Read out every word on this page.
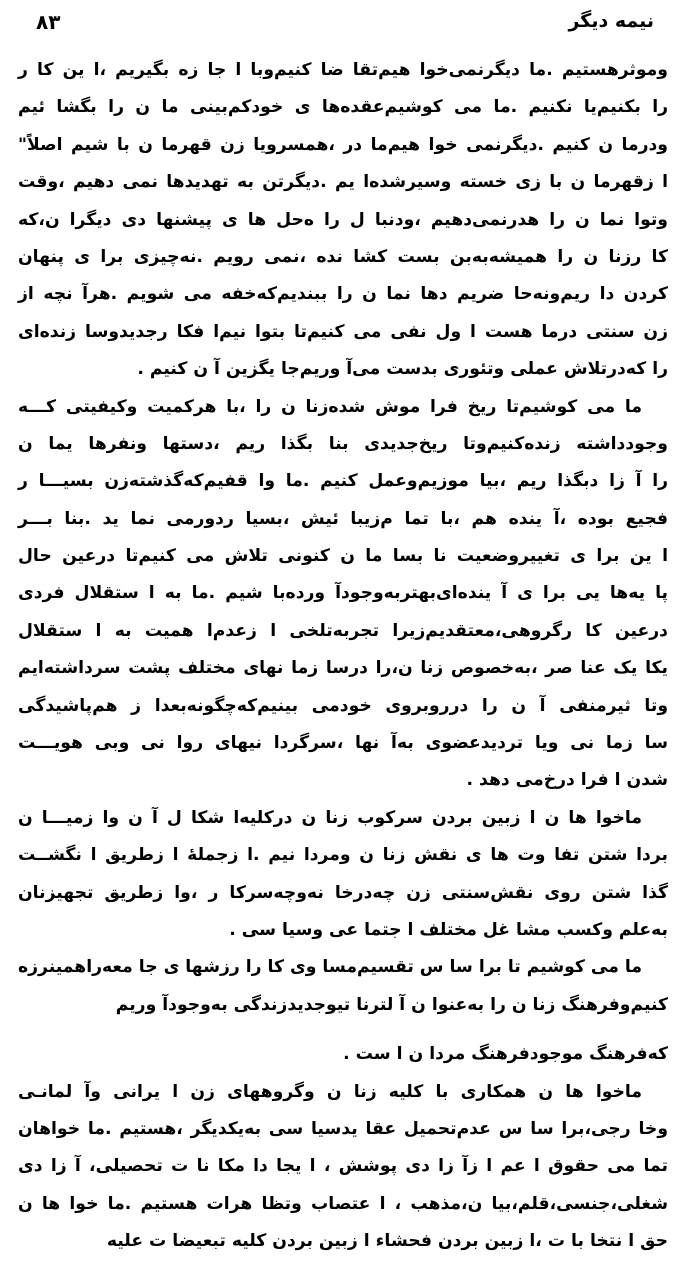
۸۳	نیمه دیگر
وموثرهستیم .ما دیگرنمی‌خوا هیم‌تقا ضا کنیم‌وبا ا جا زه‌ بگیریم ،ا ین کا ر
را بکنیم‌یا نکنیم .ما می کوشیم‌عقده‌ها ی خودکم‌بینی ما ن را بگشا ئیم
ودرما ن کنیم .دیگرنمی خوا هیم‌ما در ،همسرویا زن قهرما ن با شیم اصلاً"
ا زقهرما ن با زی خسته وسیرشده‌ا یم .دیگرتن به تهدیدها نمی دهیم ،وقت
وتوا نما ن را هدرنمی‌دهیم ،ودنبا ل را ه‌حل ها ی پیشنها دی دیگرا ن،که
کا رزنا ن را همیشه‌به‌بن بست کشا نده ،نمی رویم .نه‌چیزی برا ی پنهان
کردن دا ریم‌ونه‌حا ضریم دها نما ن را ببندیم‌که‌خفه می شویم .هرآ نچه از
زن سنتی درما هست ا ول نفی می کنیم‌تا بتوا نیم‌ا فکا رجدیدوسا زنده‌ای
را که‌درتلاش عملی وتئوری بدست می‌آ وریم‌جا یگزین آ ن کنیم .
ما می کوشیم‌تا ریخ فرا موش شده‌زنا ن را ،با هرکمیت وکیفیتی کـــه
وجودداشته زنده‌کنیم‌وتا ریخ‌جدیدی بنا بگذا ریم ،دستها ونفرها یما ن
را آ زا دبگذا ریم ،بیا موزیم‌وعمل کنیم .ما وا قفیم‌که‌گذشته‌زن بسیـــا ر
فجیع بوده ،آ ینده هم ،با تما م‌زیبا ئیش ،بسیا ردورمی نما ید .بنا بـــر
ا ین برا ی تغییروضعیت نا بسا ما ن کنونی تلاش می کنیم‌تا درعین حال
پا یه‌ها یی برا ی آ ینده‌ای‌بهتربه‌وجودآ ورده‌با شیم .ما به ا ستقلال فردی
درعین کا رگروهی،معتقدیم‌زیرا تجربه‌تلخی ا زعدم‌ا همیت به ا ستقلال
یکا یک عنا صر ،به‌خصوص زنا ن،را درسا زما نهای مختلف پشت سرداشته‌ایم
وتا ثیرمنفی آ ن را درروبروی خودمی بینیم‌که‌چگونه‌بعدا ز هم‌پاشیدگی
سا زما نی ویا تردیدعضوی به‌آ نها ،سرگردا نیهای روا نی وبی هویـــت
شدن ا فرا درخ‌می دهد .
ماخوا ها ن ا زبین بردن سرکوب زنا ن درکلیه‌ا شکا ل آ ن وا زمیـــا ن
بردا شتن تفا وت ها ی نقش زنا ن ومردا نیم .ا زجملهٔ ا زطریق ا نگشــت
گذا شتن روی نقش‌سنتی زن چه‌درخا نه‌وچه‌سرکا ر ،وا زطریق تجهیزنان
به‌علم وکسب مشا غل مختلف ا جتما عی وسیا سی .
ما می کوشیم تا برا سا س تقسیم‌مسا وی کا را رزشها ی جا معه‌راهمینرزه
کنیم‌وفرهنگ زنا ن را به‌عنوا ن آ لترنا تیوجدیدزندگی به‌وجودآ وریم
که‌فرهنگ موجودفرهنگ مردا ن ا ست .
ماخوا ها ن همکاری با کلیه زنا ن وگروههای زن ا یرانی وآ لمانـی
وخا رجی،برا سا س عدم‌تحمیل عقا یدسیا سی به‌یکدیگر ،هستیم .ما خواهان
تما می حقوق ا عم ا زآ زا دی پوشش ، ا یجا دا مکا نا ت تحصیلی، آ زا دی
شغلی،جنسی،قلم،بیا ن،مذهب ، ا عتصاب وتظا هرات هستیم .ما خوا ها ن
حق ا نتخا با ت ،ا زبین بردن فحشاء ا زبین بردن کلیه تبعیضا ت علیه
